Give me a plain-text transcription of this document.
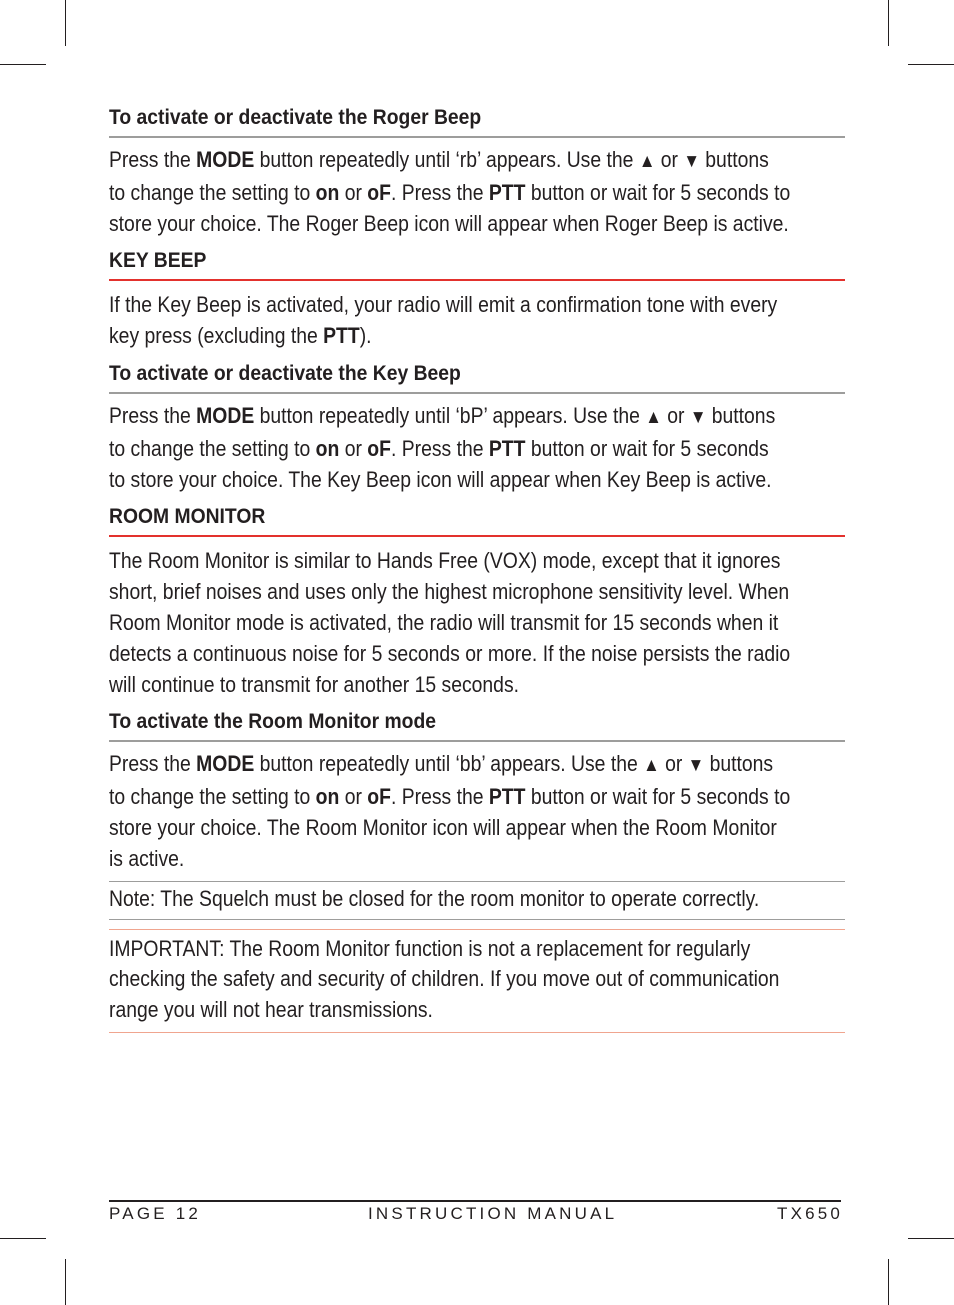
To activate or deactivate the Roger Beep
Press the MODE button repeatedly until ‘rb’ appears. Use the ▲ or ▼ buttons
to change the setting to on or oF. Press the PTT button or wait for 5 seconds to
store your choice. The Roger Beep icon will appear when Roger Beep is active.
KEY BEEP
If the Key Beep is activated, your radio will emit a confirmation tone with every
key press (excluding the PTT).
To activate or deactivate the Key Beep
Press the MODE button repeatedly until ‘bP’ appears. Use the ▲ or ▼ buttons
to change the setting to on or oF. Press the PTT button or wait for 5 seconds
to store your choice. The Key Beep icon will appear when Key Beep is active.
ROOM MONITOR
The Room Monitor is similar to Hands Free (VOX) mode, except that it ignores
short, brief noises and uses only the highest microphone sensitivity level. When
Room Monitor mode is activated, the radio will transmit for 15 seconds when it
detects a continuous noise for 5 seconds or more. If the noise persists the radio
will continue to transmit for another 15 seconds.
To activate the Room Monitor mode
Press the MODE button repeatedly until ‘bb’ appears. Use the ▲ or ▼ buttons
to change the setting to on or oF. Press the PTT button or wait for 5 seconds to
store your choice. The Room Monitor icon will appear when the Room Monitor
is active.
Note: The Squelch must be closed for the room monitor to operate correctly.
IMPORTANT: The Room Monitor function is not a replacement for regularly
checking the safety and security of children. If you move out of communication
range you will not hear transmissions.
PAGE 12	INSTRUCTION MANUAL	TX650
